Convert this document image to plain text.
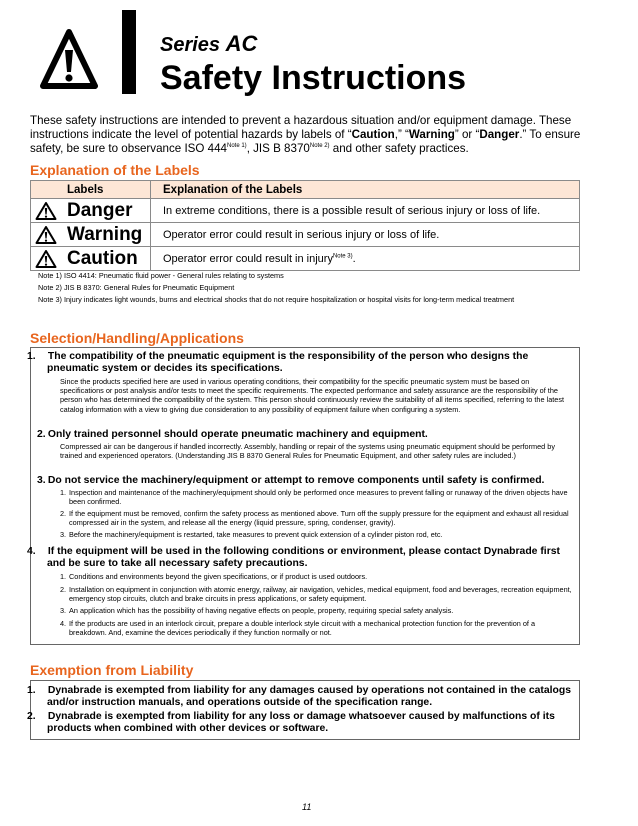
Series AC
Safety Instructions
These safety instructions are intended to prevent a hazardous situation and/or equipment damage. These instructions indicate the level of potential hazards by labels of “Caution,” “Warning” or “Danger.” To ensure safety, be sure to observance ISO $444^{Note 1)}$, JIS B $8370^{Note 2)}$ and other safety practices.
Explanation of the Labels
Labels	Explanation of the Labels

Danger	In extreme conditions, there is a possible result of serious injury or loss of life.

Warning	Operator error could result in serious injury or loss of life.

Caution	Operator error could result in injury$^{Note 3)}$.
Note 1) ISO 4414: Pneumatic fluid power - General rules relating to systems
Note 2) JIS B 8370: General Rules for Pneumatic Equipment
Note 3) Injury indicates light wounds, burns and electrical shocks that do not require hospitalization or hospital visits for long-term medical treatment
Selection/Handling/Applications
1. The compatibility of the pneumatic equipment is the responsibility of the person who designs the pneumatic system or decides its specifications.
Since the products specified here are used in various operating conditions, their compatibility for the specific pneumatic system must be based on specifications or post analysis and/or tests to meet the specific requirements. The expected performance and safety assurance are the responsibility of the person who has determined the compatibility of the system. This person should continuously review the suitability of all items specified, referring to the latest catalog information with a view to giving due consideration to any possibility of equipment failure when configuring a system.
2. Only trained personnel should operate pneumatic machinery and equipment.
Compressed air can be dangerous if handled incorrectly. Assembly, handling or repair of the systems using pneumatic equipment should be performed by trained and experienced operators. (Understanding JIS B 8370 General Rules for Pneumatic Equipment, and other safety rules are included.)
3. Do not service the machinery/equipment or attempt to remove components until safety is confirmed.
1. Inspection and maintenance of the machinery/equipment should only be performed once measures to prevent falling or runaway of the driven objects have been confirmed.
2. If the equipment must be removed, confirm the safety process as mentioned above. Turn off the supply pressure for the equipment and exhaust all residual compressed air in the system, and release all the energy (liquid pressure, spring, condenser, gravity).
3. Before the machinery/equipment is restarted, take measures to prevent quick extension of a cylinder piston rod, etc.
4. If the equipment will be used in the following conditions or environment, please contact Dynabrade first and be sure to take all necessary safety precautions.
1. Conditions and environments beyond the given specifications, or if product is used outdoors.
2. Installation on equipment in conjunction with atomic energy, railway, air navigation, vehicles, medical equipment, food and beverages, recreation equipment, emergency stop circuits, clutch and brake circuits in press applications, or safety equipment.
3. An application which has the possibility of having negative effects on people, property, requiring special safety analysis.
4. If the products are used in an interlock circuit, prepare a double interlock style circuit with a mechanical protection function for the prevention of a breakdown. And, examine the devices periodically if they function normally or not.
Exemption from Liability
1. Dynabrade is exempted from liability for any damages caused by operations not contained in the catalogs and/or instruction manuals, and operations outside of the specification range.
2. Dynabrade is exempted from liability for any loss or damage whatsoever caused by malfunctions of its products when combined with other devices or software.
11
